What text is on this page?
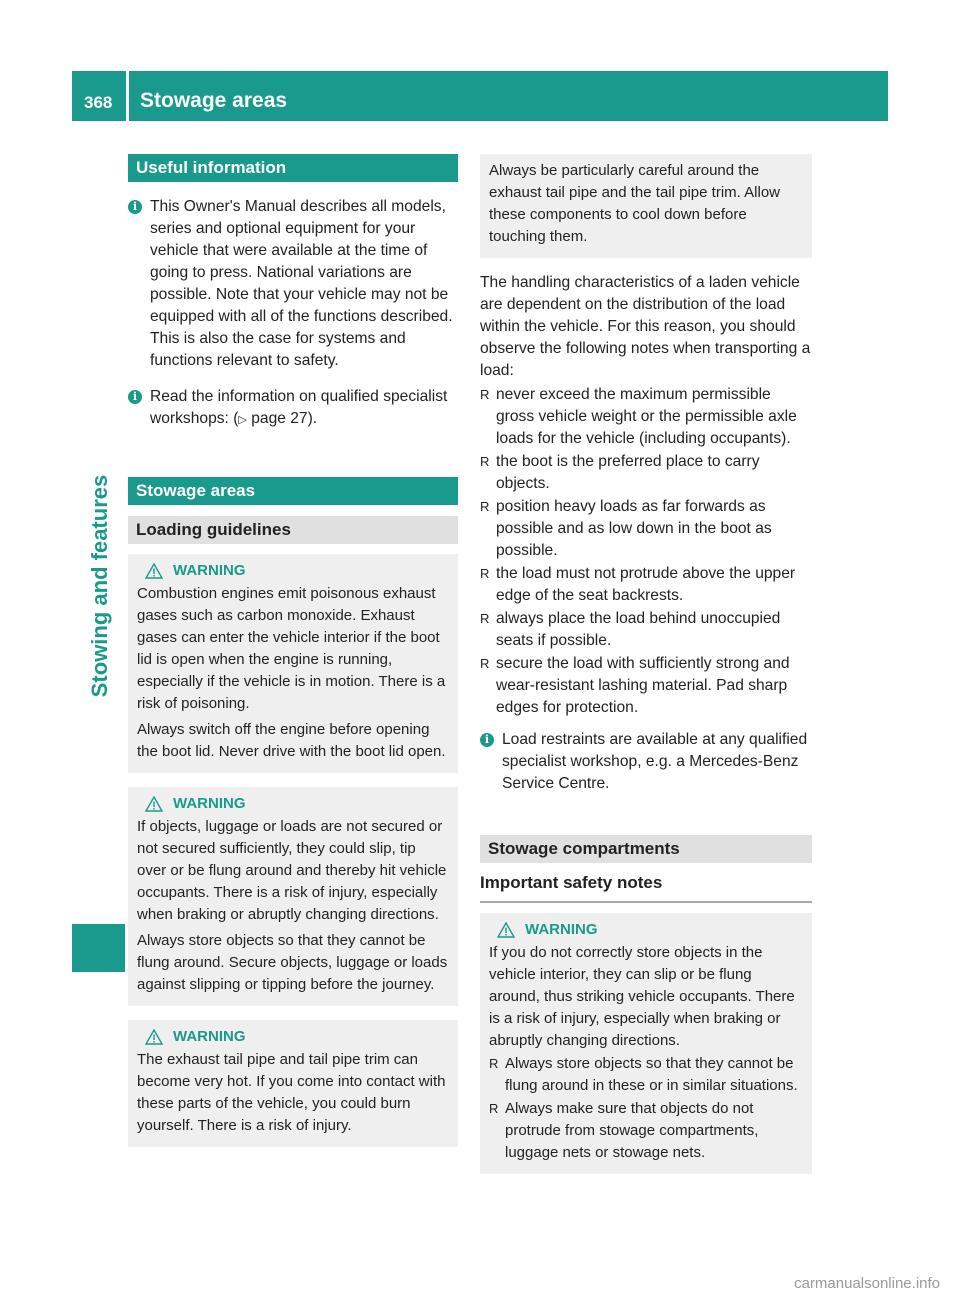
368 Stowage areas
Stowing and features
Useful information
i This Owner's Manual describes all models, series and optional equipment for your vehicle that were available at the time of going to press. National variations are possible. Note that your vehicle may not be equipped with all of the functions described. This is also the case for systems and functions relevant to safety.

i Read the information on qualified specialist workshops: (▷ page 27).

Stowage areas
Loading guidelines
WARNING

Combustion engines emit poisonous exhaust gases such as carbon monoxide. Exhaust gases can enter the vehicle interior if the boot lid is open when the engine is running, especially if the vehicle is in motion. There is a risk of poisoning.

Always switch off the engine before opening the boot lid. Never drive with the boot lid open.

WARNING

If objects, luggage or loads are not secured or not secured sufficiently, they could slip, tip over or be flung around and thereby hit vehicle occupants. There is a risk of injury, especially when braking or abruptly changing directions.

Always store objects so that they cannot be flung around. Secure objects, luggage or loads against slipping or tipping before the journey.

WARNING

The exhaust tail pipe and tail pipe trim can become very hot. If you come into contact with these parts of the vehicle, you could burn yourself. There is a risk of injury.

Always be particularly careful around the exhaust tail pipe and the tail pipe trim. Allow these components to cool down before touching them.

The handling characteristics of a laden vehicle are dependent on the distribution of the load within the vehicle. For this reason, you should observe the following notes when transporting a load:

R never exceed the maximum permissible gross vehicle weight or the permissible axle loads for the vehicle (including occupants).
R the boot is the preferred place to carry objects.
R position heavy loads as far forwards as possible and as low down in the boot as possible.
R the load must not protrude above the upper edge of the seat backrests.
R always place the load behind unoccupied seats if possible.
R secure the load with sufficiently strong and wear-resistant lashing material. Pad sharp edges for protection.
i Load restraints are available at any qualified specialist workshop, e.g. a Mercedes-Benz Service Centre.

Stowage compartments
Important safety notes
WARNING

If you do not correctly store objects in the vehicle interior, they can slip or be flung around, thus striking vehicle occupants. There is a risk of injury, especially when braking or abruptly changing directions.

R Always store objects so that they cannot be flung around in these or in similar situations.
R Always make sure that objects do not protrude from stowage compartments, luggage nets or stowage nets.
carmanualsonline.info
